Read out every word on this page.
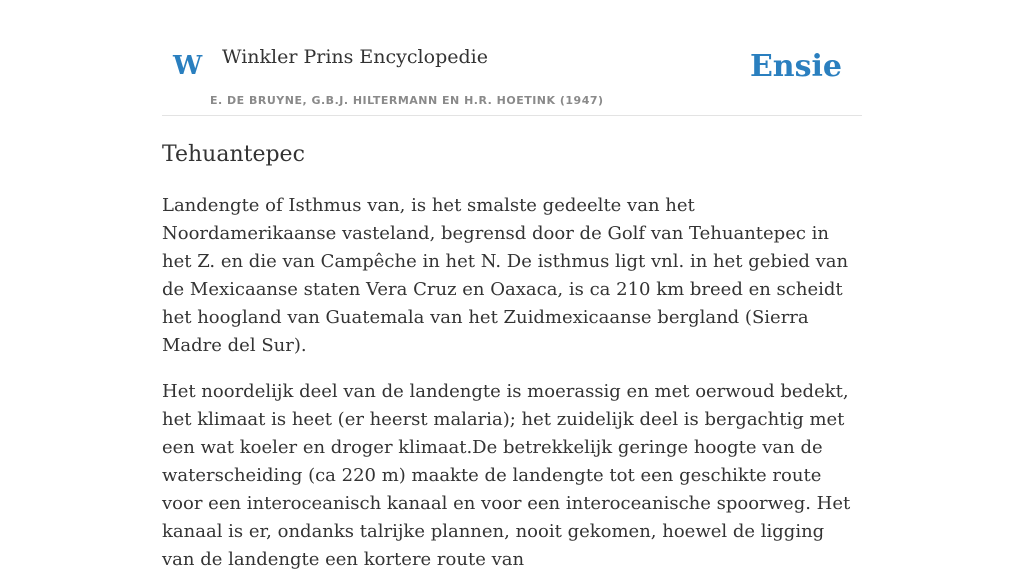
W Winkler Prins Encyclopedie
E. DE BRUYNE, G.B.J. HILTERMANN EN H.R. HOETINK (1947)
Ensie
Tehuantepec

Landengte of Isthmus van, is het smalste gedeelte van het Noordamerikaanse vasteland, begrensd door de Golf van Tehuantepec in het Z. en die van Campêche in het N. De isthmus ligt vnl. in het gebied van de Mexicaanse staten Vera Cruz en Oaxaca, is ca 210 km breed en scheidt het hoogland van Guatemala van het Zuidmexicaanse bergland (Sierra Madre del Sur).

Het noordelijk deel van de landengte is moerassig en met oerwoud bedekt, het klimaat is heet (er heerst malaria); het zuidelijk deel is bergachtig met een wat koeler en droger klimaat.De betrekkelijk geringe hoogte van de waterscheiding (ca 220 m) maakte de landengte tot een geschikte route voor een interoceanisch kanaal en voor een interoceanische spoorweg. Het kanaal is er, ondanks talrijke plannen, nooit gekomen, hoewel de ligging van de landengte een kortere route van
